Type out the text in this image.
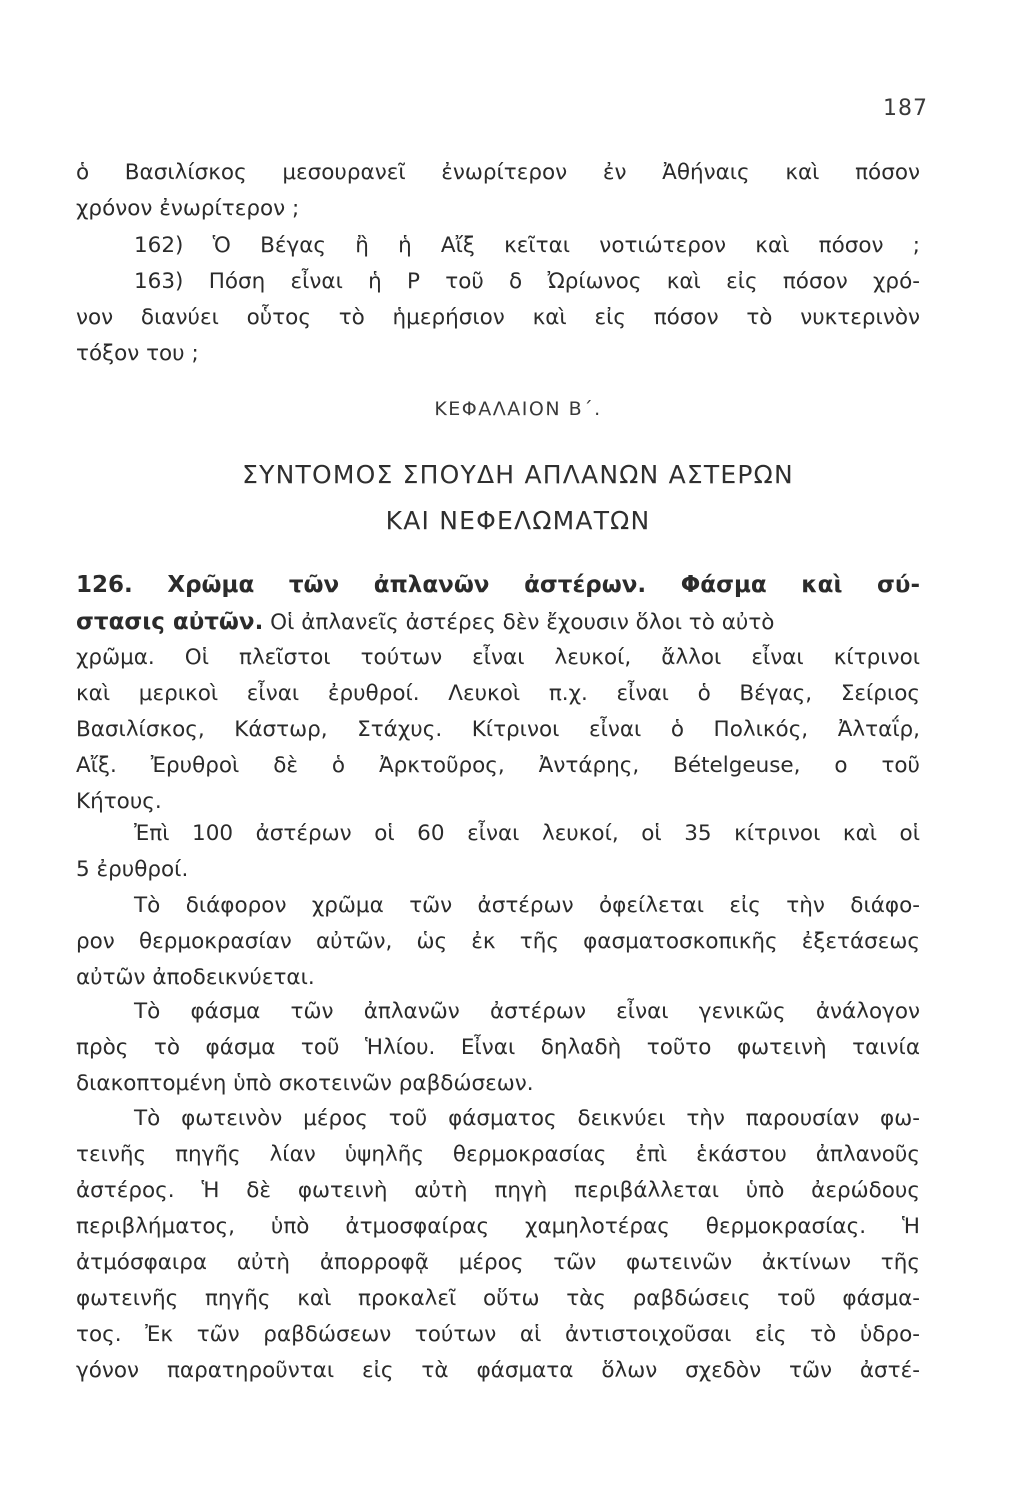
187
ὁ Βασιλίσκος μεσουρανεῖ ἐνωρίτερον ἐν Ἀθήναις καὶ πόσον
χρόνον ἐνωρίτερον ;
162) Ὁ Βέγας ἢ ἡ Αἴξ κεῖται νοτιώτερον καὶ πόσον ;
163) Πόση εἶναι ἡ Ρ τοῦ δ Ὠρίωνος καὶ εἰς πόσον χρό-
νον διανύει οὗτος τὸ ἡμερήσιον καὶ εἰς πόσον τὸ νυκτερινὸν
τόξον του ;
ΚΕΦΑΛΑΙΟΝ Β΄.
ΣΥΝΤΟΜΟΣ ΣΠΟΥΔΗ ΑΠΛΑΝΩΝ ΑΣΤΕΡΩΝ
ΚΑΙ ΝΕΦΕΛΩΜΑΤΩΝ
126. Χρῶμα τῶν ἀπλανῶν ἀστέρων. Φάσμα καὶ σύ-
στασις αὐτῶν. Οἱ ἀπλανεῖς ἀστέρες δὲν ἔχουσιν ὅλοι τὸ αὐτὸ
χρῶμα. Οἱ πλεῖστοι τούτων εἶναι λευκοί, ἄλλοι εἶναι κίτρινοι
καὶ μερικοὶ εἶναι ἐρυθροί. Λευκοὶ π.χ. εἶναι ὁ Βέγας, Σείριος
Βασιλίσκος, Κάστωρ, Στάχυς. Κίτρινοι εἶναι ὁ Πολικός, Ἀλταΐρ,
Αἴξ. Ἐρυθροὶ δὲ ὁ Ἀρκτοῦρος, Ἀντάρης, Bételgeuse, ο τοῦ
Κήτους.
Ἐπὶ 100 ἀστέρων οἱ 60 εἶναι λευκοί, οἱ 35 κίτρινοι καὶ οἱ
5 ἐρυθροί.
Τὸ διάφορον χρῶμα τῶν ἀστέρων ὀφείλεται εἰς τὴν διάφο-
ρον θερμοκρασίαν αὐτῶν, ὡς ἐκ τῆς φασματοσκοπικῆς ἐξετάσεως
αὐτῶν ἀποδεικνύεται.
Τὸ φάσμα τῶν ἀπλανῶν ἀστέρων εἶναι γενικῶς ἀνάλογον
πρὸς τὸ φάσμα τοῦ Ἡλίου. Εἶναι δηλαδὴ τοῦτο φωτεινὴ ταινία
διακοπτομένη ὑπὸ σκοτεινῶν ραβδώσεων.
Τὸ φωτεινὸν μέρος τοῦ φάσματος δεικνύει τὴν παρουσίαν φω-
τεινῆς πηγῆς λίαν ὑψηλῆς θερμοκρασίας ἐπὶ ἑκάστου ἀπλανοῦς
ἀστέρος. Ἡ δὲ φωτεινὴ αὐτὴ πηγὴ περιβάλλεται ὑπὸ ἀερώδους
περιβλήματος, ὑπὸ ἀτμοσφαίρας χαμηλοτέρας θερμοκρασίας. Ἡ
ἀτμόσφαιρα αὐτὴ ἀπορροφᾷ μέρος τῶν φωτεινῶν ἀκτίνων τῆς
φωτεινῆς πηγῆς καὶ προκαλεῖ οὕτω τὰς ραβδώσεις τοῦ φάσμα-
τος. Ἐκ τῶν ραβδώσεων τούτων αἱ ἀντιστοιχοῦσαι εἰς τὸ ὑδρο-
γόνον παρατηροῦνται εἰς τὰ φάσματα ὅλων σχεδὸν τῶν ἀστέ-
